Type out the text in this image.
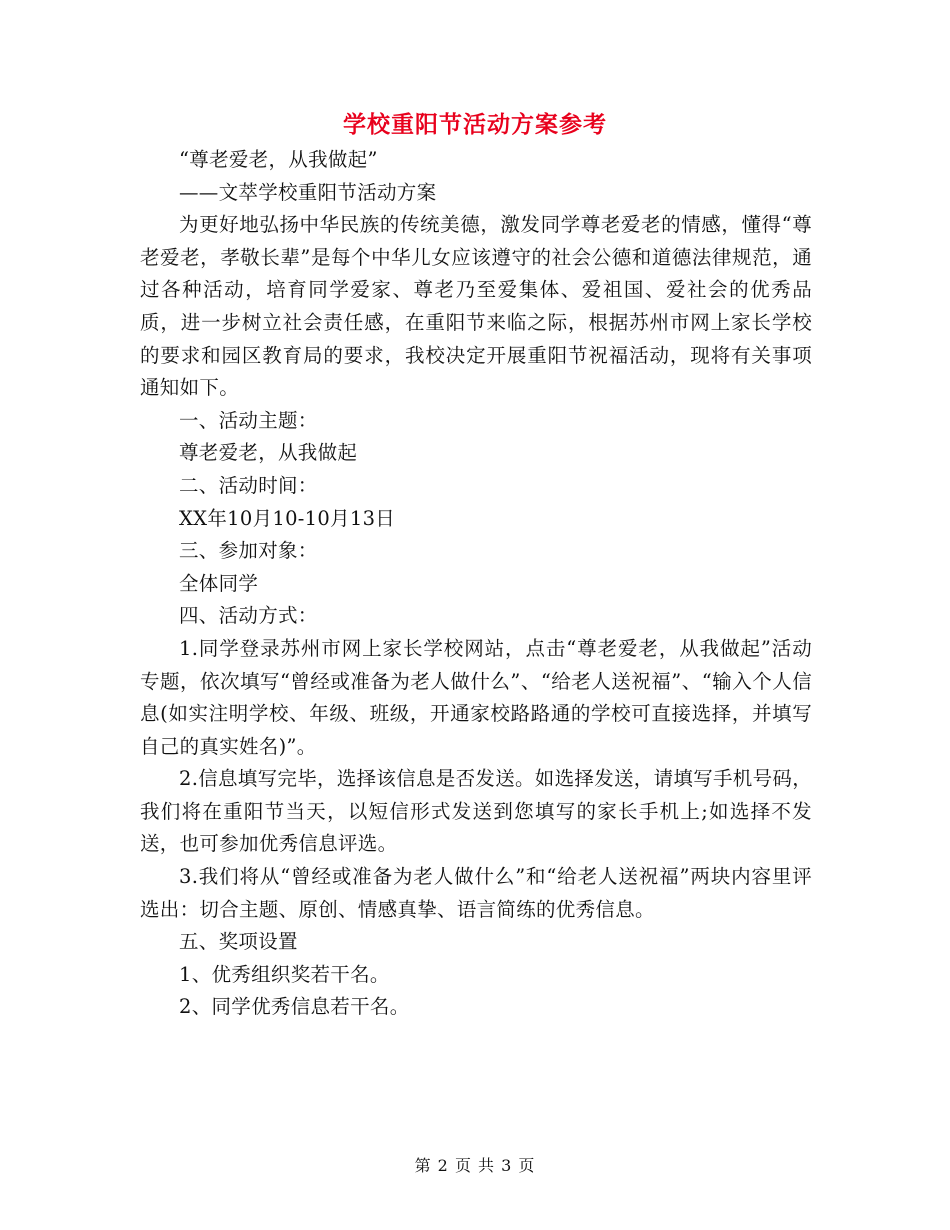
学校重阳节活动方案参考

“尊老爱老，从我做起”

——文萃学校重阳节活动方案

为更好地弘扬中华民族的传统美德，激发同学尊老爱老的情感，懂得“尊老爱老，孝敬长辈”是每个中华儿女应该遵守的社会公德和道德法律规范，通过各种活动，培育同学爱家、尊老乃至爱集体、爱祖国、爱社会的优秀品质，进一步树立社会责任感，在重阳节来临之际，根据苏州市网上家长学校的要求和园区教育局的要求，我校决定开展重阳节祝福活动，现将有关事项通知如下。

一、活动主题：

尊老爱老，从我做起

二、活动时间：

XX年10月10-10月13日

三、参加对象：

全体同学

四、活动方式：

1.同学登录苏州市网上家长学校网站，点击“尊老爱老，从我做起”活动专题，依次填写“曾经或准备为老人做什么”、“给老人送祝福”、“输入个人信息(如实注明学校、年级、班级，开通家校路路通的学校可直接选择，并填写自己的真实姓名)”。

2.信息填写完毕，选择该信息是否发送。如选择发送，请填写手机号码，我们将在重阳节当天，以短信形式发送到您填写的家长手机上;如选择不发送，也可参加优秀信息评选。

3.我们将从“曾经或准备为老人做什么”和“给老人送祝福”两块内容里评选出：切合主题、原创、情感真挚、语言简练的优秀信息。

五、奖项设置

1、优秀组织奖若干名。

2、同学优秀信息若干名。

第 2 页 共 3 页
